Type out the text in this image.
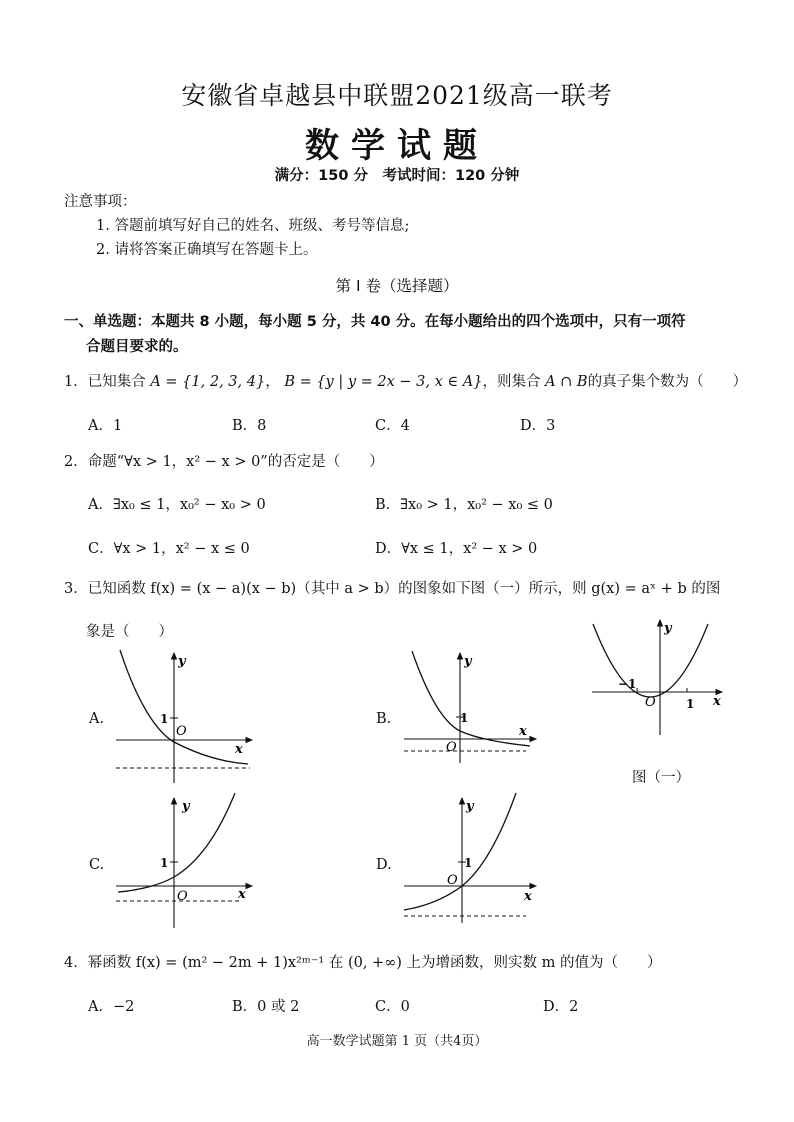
安徽省卓越县中联盟2021级高一联考
数学试题
满分：150 分　考试时间：120 分钟
注意事项：
1. 答题前填写好自己的姓名、班级、考号等信息;
2. 请将答案正确填写在答题卡上。
第 I 卷（选择题）
一、单选题：本题共 8 小题，每小题 5 分，共 40 分。在每小题给出的四个选项中，只有一项符
合题目要求的。
1．已知集合 A = {1, 2, 3, 4}， B = {y | y = 2x − 3, x ∈ A}，则集合 A ∩ B的真子集个数为（　　）
A．1	B．8	C．4	D．3
2．命题“∀x > 1，x² − x > 0”的否定是（　　）
A．∃x₀ ≤ 1，x₀² − x₀ > 0	B．∃x₀ > 1，x₀² − x₀ ≤ 0
C．∀x > 1，x² − x ≤ 0	D．∀x ≤ 1，x² − x > 0
3．已知函数 f(x) = (x − a)(x − b)（其中 a > b）的图象如下图（一）所示，则 g(x) = aˣ + b 的图
象是（　　）
A.	B.
C.	D.
y
x
O
1
y
x
O
1
y
x
O
1
y
x
O
1
y
x
O
−1
1
图（一）
4．幂函数 f(x) = (m² − 2m + 1)x²ᵐ⁻¹ 在 (0, +∞) 上为增函数，则实数 m 的值为（　　）
A．−2	B．0 或 2	C．0	D．2
高一数学试题第 1 页（共4页）
